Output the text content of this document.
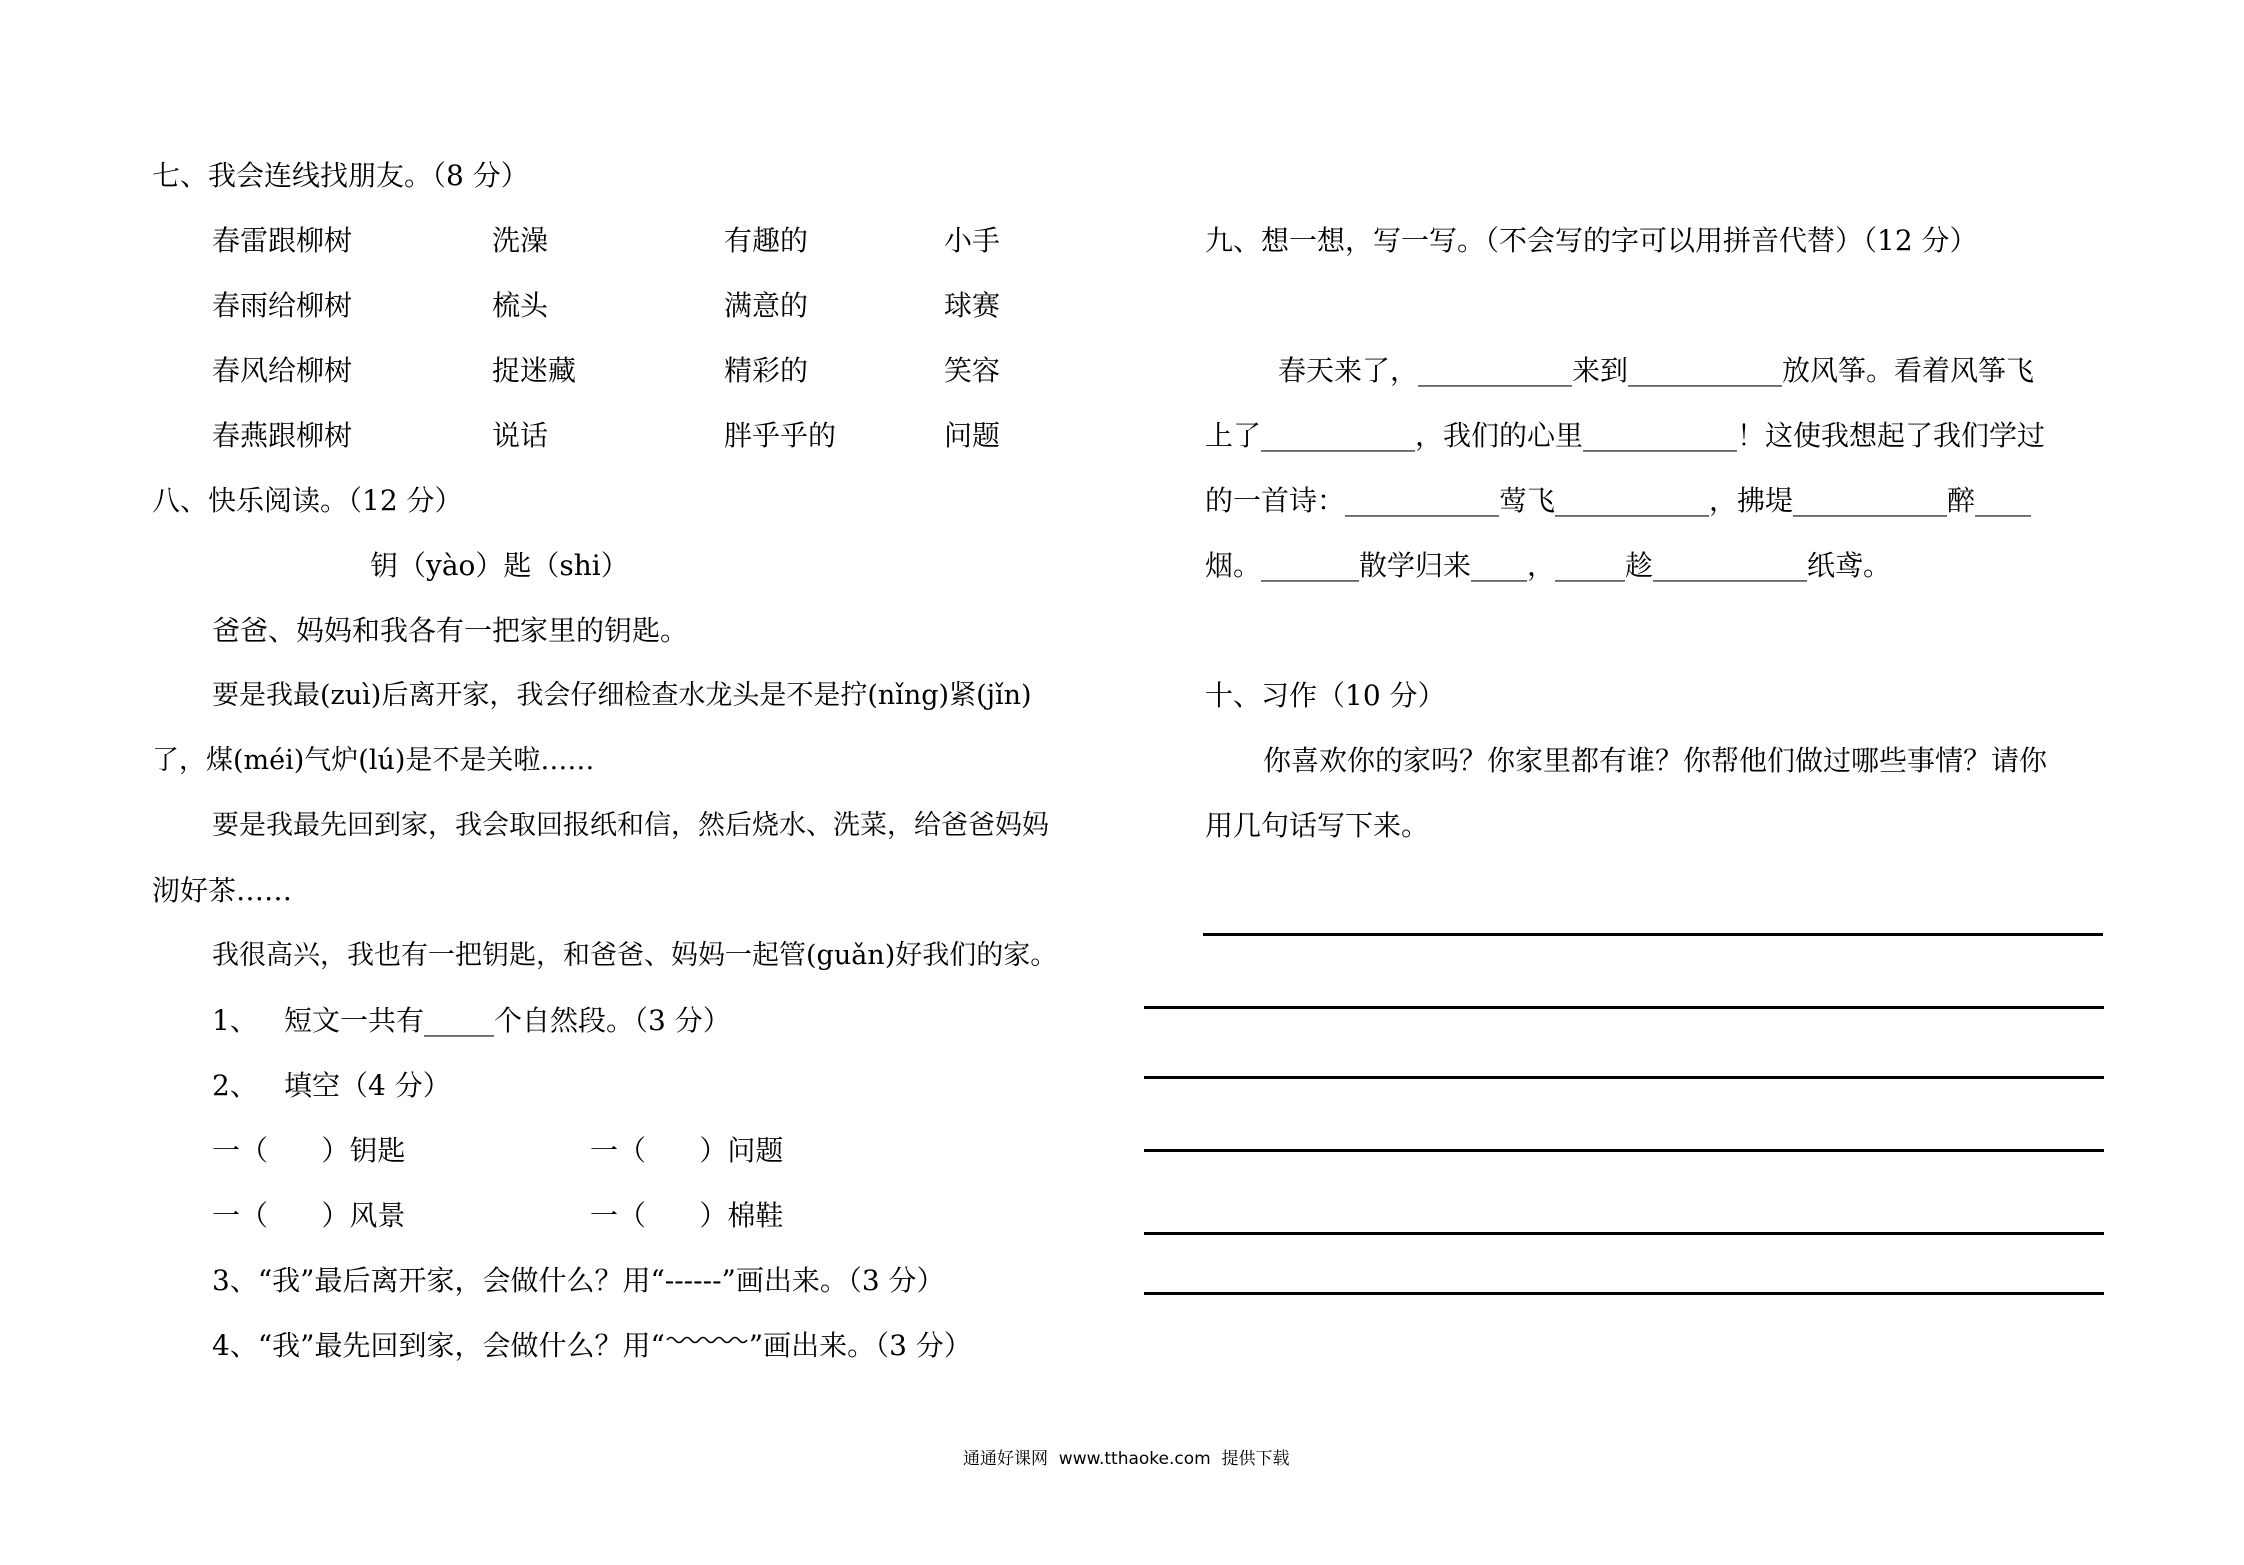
七、我会连线找朋友。（8 分）
春雷跟柳树	洗澡	有趣的	小手
春雨给柳树	梳头	满意的	球赛
春风给柳树	捉迷藏	精彩的	笑容
春燕跟柳树	说话	胖乎乎的	问题
八、快乐阅读。（12 分）
钥（yào）匙（shi）
爸爸、妈妈和我各有一把家里的钥匙。
要是我最(zuì)后离开家，我会仔细检查水龙头是不是拧(nǐng)紧(jǐn)
了，煤(méi)气炉(lú)是不是关啦……
要是我最先回到家，我会取回报纸和信，然后烧水、洗菜，给爸爸妈妈
沏好茶……
我很高兴，我也有一把钥匙，和爸爸、妈妈一起管(guǎn)好我们的家。
1、 短文一共有_____个自然段。（3 分）
2、 填空（4 分）
一（      ）钥匙	一（      ）问题
一（      ）风景	一（      ）棉鞋
3、“我”最后离开家，会做什么？用“------”画出来。（3 分）
4、“我”最先回到家，会做什么？用“	”画出来。（3 分）
九、想一想，写一写。（不会写的字可以用拼音代替）（12 分）
春天来了，___________来到___________放风筝。看着风筝飞
上了___________，我们的心里___________！这使我想起了我们学过
的一首诗：___________莺飞___________，拂堤___________醉____
烟。_______散学归来____，_____趁___________纸鸢。
十、习作（10 分）
你喜欢你的家吗？你家里都有谁？你帮他们做过哪些事情？请你
用几句话写下来。
通通好课网  www.tthaoke.com  提供下载
